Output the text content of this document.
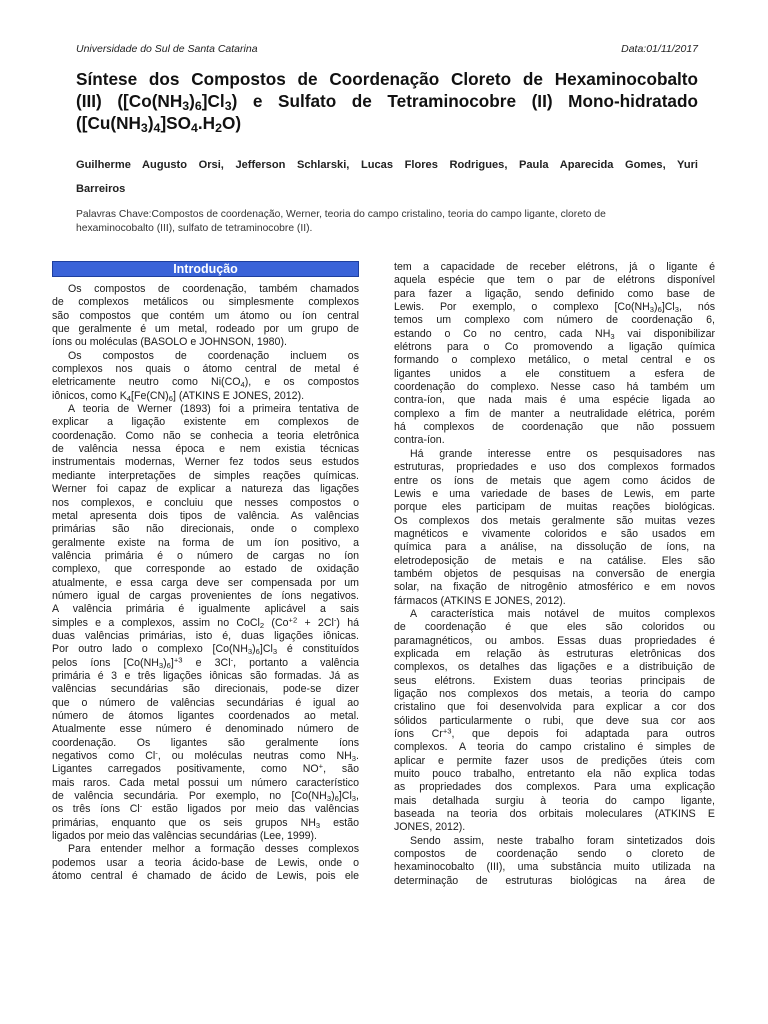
Universidade do Sul de Santa Catarina	Data:01/11/2017
Síntese dos Compostos de Coordenação Cloreto de Hexaminocobalto
(III) $([Co(NH_3)_6]Cl_3)$ e Sulfato de Tetraminocobre (II) Mono-hidratado
$([Cu(NH_3)_4]SO_4.H_2O)$
Guilherme Augusto Orsi, Jefferson Schlarski, Lucas Flores Rodrigues, Paula Aparecida Gomes, Yuri
Barreiros
Palavras Chave:Compostos de coordenação, Werner, teoria do campo cristalino, teoria do campo ligante, cloreto de
hexaminocobalto (III), sulfato de tetraminocobre (II).
Introdução
Os compostos de coordenação, também chamados
de complexos metálicos ou simplesmente complexos
são compostos que contém um átomo ou íon central
que geralmente é um metal, rodeado por um grupo de
íons ou moléculas (BASOLO e JOHNSON, 1980).
Os compostos de coordenação incluem os
complexos nos quais o átomo central de metal é
eletricamente neutro como $Ni(CO_4)$, e os compostos
iônicos, como $K_4[Fe(CN)_6]$ (ATKINS E JONES, 2012).
A teoria de Werner (1893) foi a primeira tentativa de
explicar a ligação existente em complexos de
coordenação. Como não se conhecia a teoria eletrônica
de valência nessa época e nem existia técnicas
instrumentais modernas, Werner fez todos seus estudos
mediante interpretações de simples reações químicas.
Werner foi capaz de explicar a natureza das ligações
nos complexos, e concluiu que nesses compostos o
metal apresenta dois tipos de valência. As valências
primárias são não direcionais, onde o complexo
geralmente existe na forma de um íon positivo, a
valência primária é o número de cargas no íon
complexo, que corresponde ao estado de oxidação
atualmente, e essa carga deve ser compensada por um
número igual de cargas provenientes de íons negativos.
A valência primária é igualmente aplicável a sais
simples e a complexos, assim no CoCl$_2$ $(Co^{+2} + 2Cl^-)$ há
duas valências primárias, isto é, duas ligações iônicas.
Por outro lado o complexo $[Co(NH_3)_6]Cl_3$ é constituídos
pelos íons $[Co(NH_3)_6]^{+3}$ e 3Cl-, portanto a valência
primária é 3 e três ligações iônicas são formadas. Já as
valências secundárias são direcionais, pode-se dizer
que o número de valências secundárias é igual ao
número de átomos ligantes coordenados ao metal.
Atualmente esse número é denominado número de
coordenação. Os ligantes são geralmente íons
negativos como Cl-, ou moléculas neutras como $NH_3$.
Ligantes carregados positivamente, como NO+, são
mais raros. Cada metal possui um número característico
de valência secundária. Por exemplo, no $[Co(NH_3)_6]Cl_3$,
os três íons Cl- estão ligados por meio das valências
primárias, enquanto que os seis grupos $NH_3$ estão
ligados por meio das valências secundárias (Lee, 1999).
Para entender melhor a formação desses complexos
podemos usar a teoria ácido-base de Lewis, onde o
átomo central é chamado de ácido de Lewis, pois ele
tem a capacidade de receber elétrons, já o ligante é
aquela espécie que tem o par de elétrons disponível
para fazer a ligação, sendo definido como base de
Lewis. Por exemplo, o complexo $[Co(NH_3)_6]Cl_3$, nós
temos um complexo com número de coordenação 6,
estando o Co no centro, cada $NH_3$ vai disponibilizar
elétrons para o Co promovendo a ligação química
formando o complexo metálico, o metal central e os
ligantes unidos a ele constituem a esfera de
coordenação do complexo. Nesse caso há também um
contra-íon, que nada mais é uma espécie ligada ao
complexo a fim de manter a neutralidade elétrica, porém
há complexos de coordenação que não possuem
contra-íon.
Há grande interesse entre os pesquisadores nas
estruturas, propriedades e uso dos complexos formados
entre os íons de metais que agem como ácidos de
Lewis e uma variedade de bases de Lewis, em parte
porque eles participam de muitas reações biológicas.
Os complexos dos metais geralmente são muitas vezes
magnéticos e vivamente coloridos e são usados em
química para a análise, na dissolução de íons, na
eletrodeposição de metais e na catálise. Eles são
também objetos de pesquisas na conversão de energia
solar, na fixação de nitrogênio atmosférico e em novos
fármacos (ATKINS E JONES, 2012).
A característica mais notável de muitos complexos
de coordenação é que eles são coloridos ou
paramagnéticos, ou ambos. Essas duas propriedades é
explicada em relação às estruturas eletrônicas dos
complexos, os detalhes das ligações e a distribuição de
seus elétrons. Existem duas teorias principais de
ligação nos complexos dos metais, a teoria do campo
cristalino que foi desenvolvida para explicar a cor dos
sólidos particularmente o rubi, que deve sua cor aos
íons $Cr^{+3}$, que depois foi adaptada para outros
complexos. A teoria do campo cristalino é simples de
aplicar e permite fazer usos de predições úteis com
muito pouco trabalho, entretanto ela não explica todas
as propriedades dos complexos. Para uma explicação
mais detalhada surgiu à teoria do campo ligante,
baseada na teoria dos orbitais moleculares (ATKINS E
JONES, 2012).
Sendo assim, neste trabalho foram sintetizados dois
compostos de coordenação sendo o cloreto de
hexaminocobalto (III), uma substância muito utilizada na
determinação de estruturas biológicas na área de
